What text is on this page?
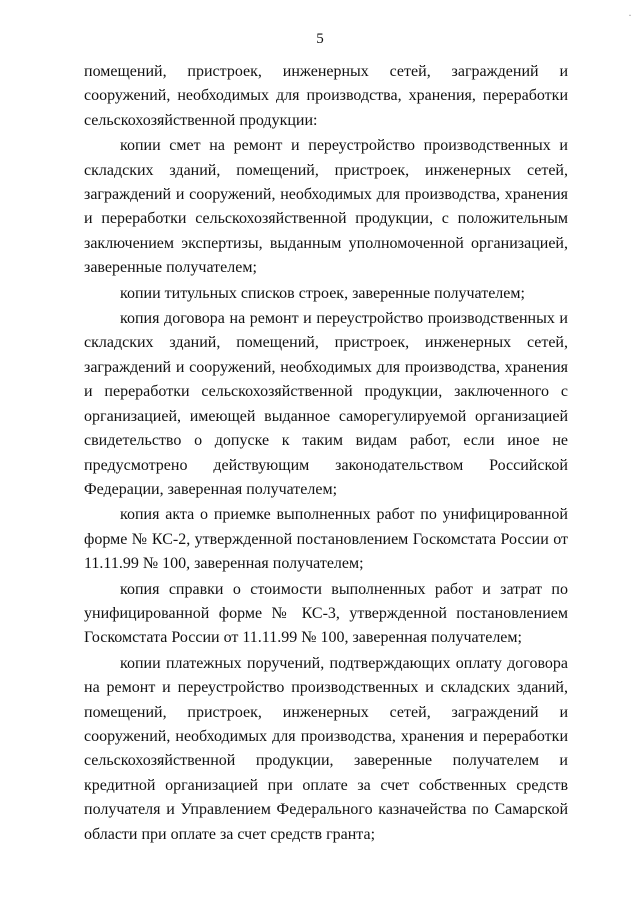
·
5

помещений, пристроек, инженерных сетей, заграждений и сооружений, необходимых для производства, хранения, переработки сельскохозяйственной продукции:

копии смет на ремонт и переустройство производственных и складских зданий, помещений, пристроек, инженерных сетей, заграждений и сооружений, необходимых для производства, хранения и переработки сельскохозяйственной продукции, с положительным заключением экспертизы, выданным уполномоченной организацией, заверенные получателем;

копии титульных списков строек, заверенные получателем;

копия договора на ремонт и переустройство производственных и складских зданий, помещений, пристроек, инженерных сетей, заграждений и сооружений, необходимых для производства, хранения и переработки сельскохозяйственной продукции, заключенного с организацией, имеющей выданное саморегулируемой организацией свидетельство о допуске к таким видам работ, если иное не предусмотрено действующим законодательством Российской Федерации, заверенная получателем;

копия акта о приемке выполненных работ по унифицированной форме № КС-2, утвержденной постановлением Госкомстата России от 11.11.99 № 100, заверенная получателем;

копия справки о стоимости выполненных работ и затрат по унифицированной форме № КС-3, утвержденной постановлением Госкомстата России от 11.11.99 № 100, заверенная получателем;

копии платежных поручений, подтверждающих оплату договора на ремонт и переустройство производственных и складских зданий, помещений, пристроек, инженерных сетей, заграждений и сооружений, необходимых для производства, хранения и переработки сельскохозяйственной продукции, заверенные получателем и кредитной организацией при оплате за счет собственных средств получателя и Управлением Федерального казначейства по Самарской области при оплате за счет средств гранта;
